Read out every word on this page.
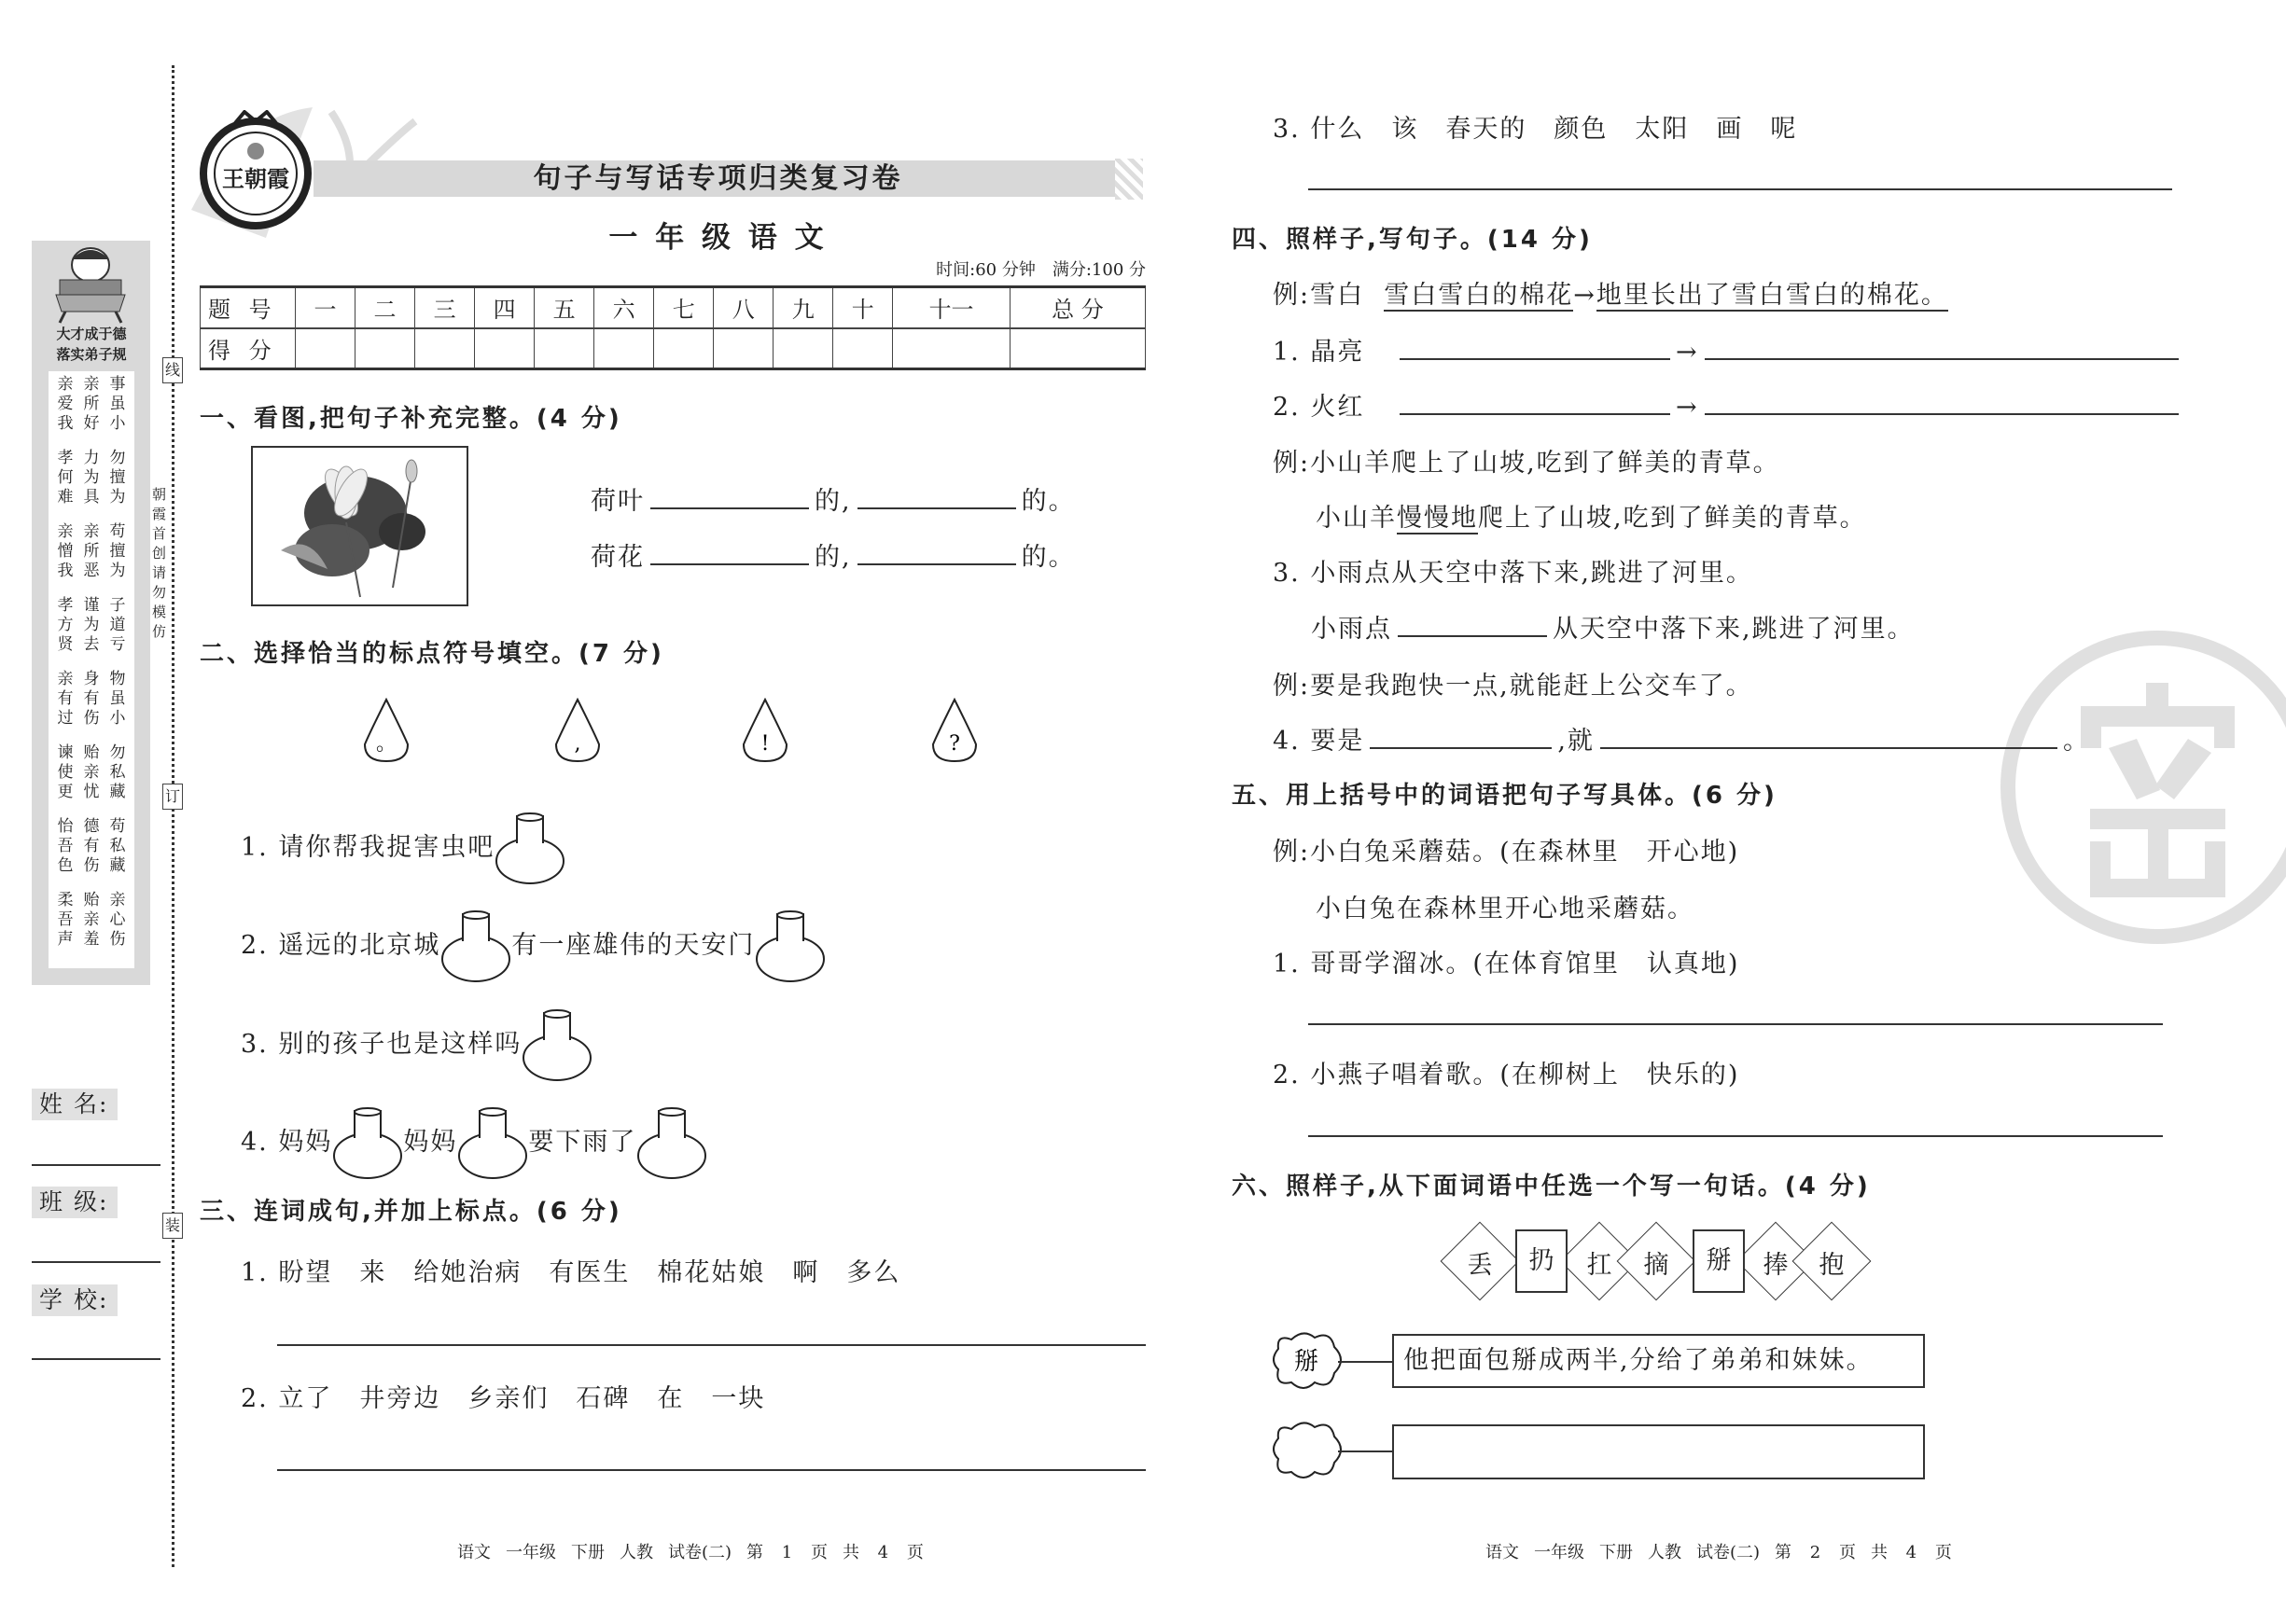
大才成于德
落实弟子规
亲 亲 事
爱 所 虽
我 好 小
孝 力 勿
何 为 擅
难 具 为
亲 亲 苟
憎 所 擅
我 恶 为
孝 谨 子
方 为 道
贤 去 亏
亲 身 物
有 有 虽
过 伤 小
谏 贻 勿
使 亲 私
更 忧 藏
怡 德 苟
吾 有 私
色 伤 藏
柔 贻 亲
吾 亲 心
声 羞 伤
线
订
装
朝霞首创 请勿模仿
姓 名:
班 级:
学 校:
王朝霞	句子与写话专项归类复习卷
一 年 级 语 文
时间:60 分钟　满分:100 分
题 号	一	二	三	四	五	六	七	八	九	十	十一	总 分
得 分												
一、看图,把句子补充完整。(4 分)
荷叶	的,	的。
荷花	的,	的。
二、选择恰当的标点符号填空。(7 分)
。	,	!	?
1. 请你帮我捉害虫吧
2. 遥远的北京城	有一座雄伟的天安门
3. 别的孩子也是这样吗
4. 妈妈	妈妈	要下雨了
三、连词成句,并加上标点。(6 分)
1. 盼望　来　给她治病　有医生　棉花姑娘　啊　多么
2. 立了　井旁边　乡亲们　石碑　在　一块
语文 一年级 下册 人教 试卷(二) 第 1 页 共 4 页
3. 什么　该　春天的　颜色　太阳　画　呢
四、照样子,写句子。(14 分)
例:雪白 雪白雪白的棉花→地里长出了雪白雪白的棉花。
1. 晶亮	→
2. 火红	→
例:小山羊爬上了山坡,吃到了鲜美的青草。
小山羊慢慢地爬上了山坡,吃到了鲜美的青草。
3. 小雨点从天空中落下来,跳进了河里。
小雨点	从天空中落下来,跳进了河里。
例:要是我跑快一点,就能赶上公交车了。
4. 要是	,就	。
五、用上括号中的词语把句子写具体。(6 分)
例:小白兔采蘑菇。(在森林里　开心地)
小白兔在森林里开心地采蘑菇。
1. 哥哥学溜冰。(在体育馆里　认真地)
2. 小燕子唱着歌。(在柳树上　快乐的)
六、照样子,从下面词语中任选一个写一句话。(4 分)
扔	掰
丢	扛 摘	捧 抱
掰	他把面包掰成两半,分给了弟弟和妹妹。
语文 一年级 下册 人教 试卷(二) 第 2 页 共 4 页
